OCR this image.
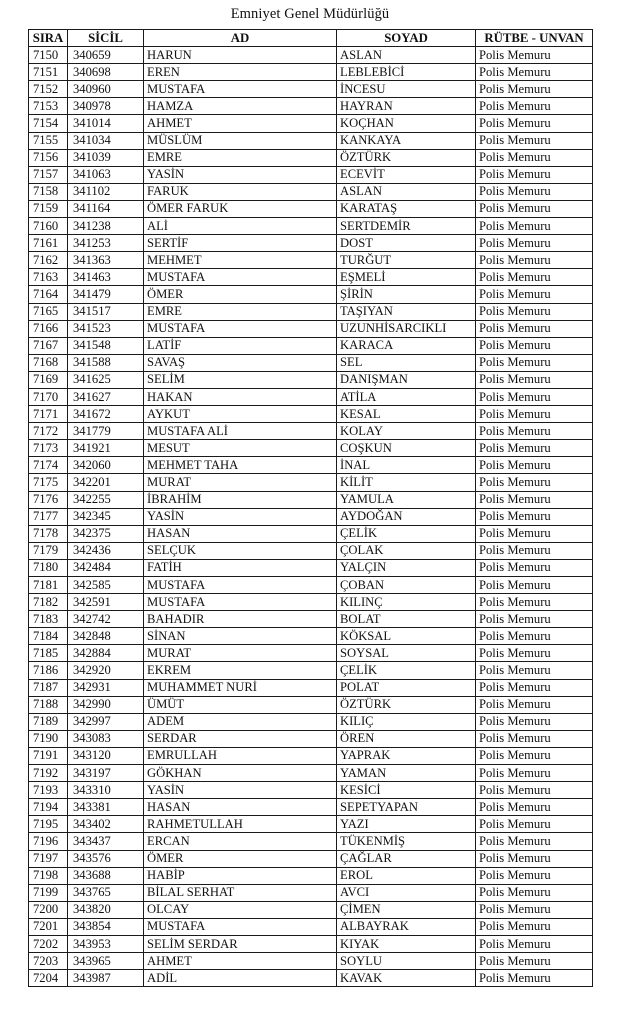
Emniyet Genel Müdürlüğü
SIRA	SİCİL	AD	SOYAD	RÜTBE - UNVAN
7150	340659	HARUN	ASLAN	Polis Memuru
7151	340698	EREN	LEBLEBİCİ	Polis Memuru
7152	340960	MUSTAFA	İNCESU	Polis Memuru
7153	340978	HAMZA	HAYRAN	Polis Memuru
7154	341014	AHMET	KOÇHAN	Polis Memuru
7155	341034	MÜSLÜM	KANKAYA	Polis Memuru
7156	341039	EMRE	ÖZTÜRK	Polis Memuru
7157	341063	YASİN	ECEVİT	Polis Memuru
7158	341102	FARUK	ASLAN	Polis Memuru
7159	341164	ÖMER FARUK	KARATAŞ	Polis Memuru
7160	341238	ALİ	SERTDEMİR	Polis Memuru
7161	341253	SERTİF	DOST	Polis Memuru
7162	341363	MEHMET	TURĞUT	Polis Memuru
7163	341463	MUSTAFA	EŞMELİ	Polis Memuru
7164	341479	ÖMER	ŞİRİN	Polis Memuru
7165	341517	EMRE	TAŞIYAN	Polis Memuru
7166	341523	MUSTAFA	UZUNHİSARCIKLI	Polis Memuru
7167	341548	LATİF	KARACA	Polis Memuru
7168	341588	SAVAŞ	SEL	Polis Memuru
7169	341625	SELİM	DANIŞMAN	Polis Memuru
7170	341627	HAKAN	ATİLA	Polis Memuru
7171	341672	AYKUT	KESAL	Polis Memuru
7172	341779	MUSTAFA ALİ	KOLAY	Polis Memuru
7173	341921	MESUT	COŞKUN	Polis Memuru
7174	342060	MEHMET TAHA	İNAL	Polis Memuru
7175	342201	MURAT	KİLİT	Polis Memuru
7176	342255	İBRAHİM	YAMULA	Polis Memuru
7177	342345	YASİN	AYDOĞAN	Polis Memuru
7178	342375	HASAN	ÇELİK	Polis Memuru
7179	342436	SELÇUK	ÇOLAK	Polis Memuru
7180	342484	FATİH	YALÇIN	Polis Memuru
7181	342585	MUSTAFA	ÇOBAN	Polis Memuru
7182	342591	MUSTAFA	KILINÇ	Polis Memuru
7183	342742	BAHADIR	BOLAT	Polis Memuru
7184	342848	SİNAN	KÖKSAL	Polis Memuru
7185	342884	MURAT	SOYSAL	Polis Memuru
7186	342920	EKREM	ÇELİK	Polis Memuru
7187	342931	MUHAMMET NURİ	POLAT	Polis Memuru
7188	342990	ÜMÜT	ÖZTÜRK	Polis Memuru
7189	342997	ADEM	KILIÇ	Polis Memuru
7190	343083	SERDAR	ÖREN	Polis Memuru
7191	343120	EMRULLAH	YAPRAK	Polis Memuru
7192	343197	GÖKHAN	YAMAN	Polis Memuru
7193	343310	YASİN	KESİCİ	Polis Memuru
7194	343381	HASAN	SEPETYAPAN	Polis Memuru
7195	343402	RAHMETULLAH	YAZI	Polis Memuru
7196	343437	ERCAN	TÜKENMİŞ	Polis Memuru
7197	343576	ÖMER	ÇAĞLAR	Polis Memuru
7198	343688	HABİP	EROL	Polis Memuru
7199	343765	BİLAL SERHAT	AVCI	Polis Memuru
7200	343820	OLCAY	ÇİMEN	Polis Memuru
7201	343854	MUSTAFA	ALBAYRAK	Polis Memuru
7202	343953	SELİM SERDAR	KIYAK	Polis Memuru
7203	343965	AHMET	SOYLU	Polis Memuru
7204	343987	ADİL	KAVAK	Polis Memuru
